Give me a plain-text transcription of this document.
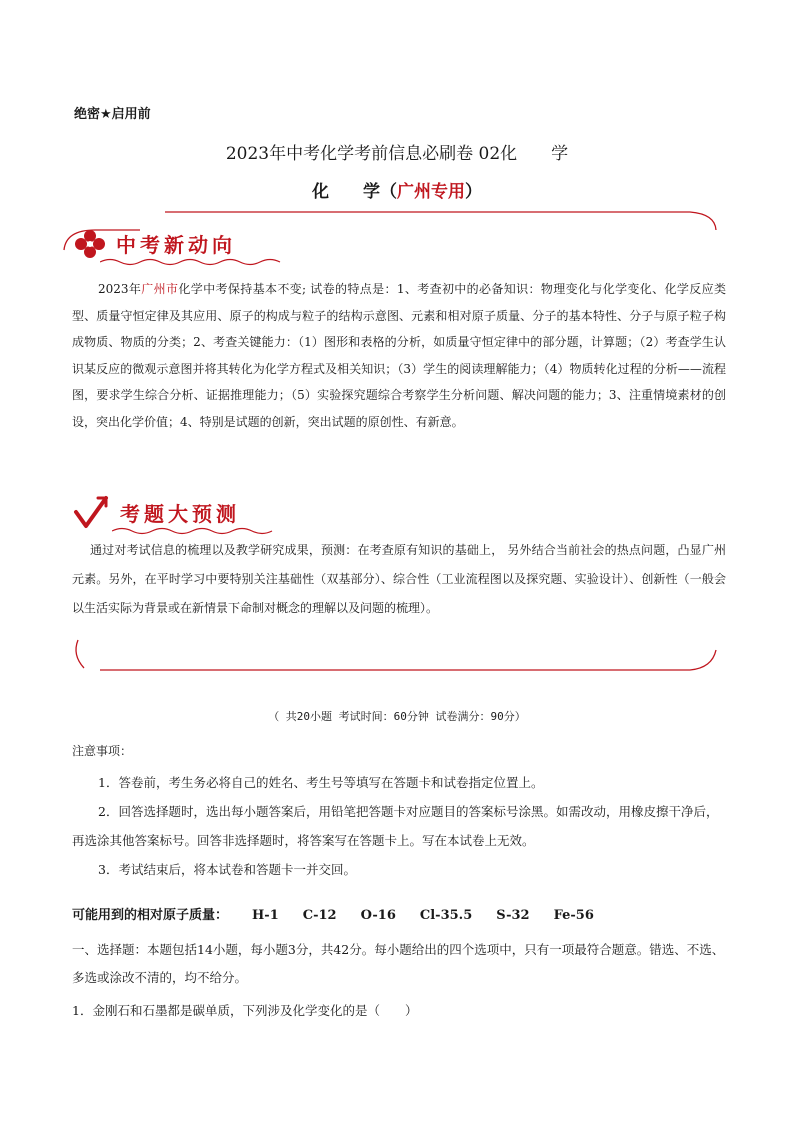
绝密★启用前
2023年中考化学考前信息必刷卷 02化　　学
化　　学（广州专用）
中考新动向
2023年广州市化学中考保持基本不变; 试卷的特点是：1、考查初中的必备知识：物理变化与化学变化、化学反应类型、质量守恒定律及其应用、原子的构成与粒子的结构示意图、元素和相对原子质量、分子的基本特性、分子与原子粒子构成物质、物质的分类；2、考查关键能力：（1）图形和表格的分析，如质量守恒定律中的部分题，计算题；（2）考查学生认识某反应的微观示意图并将其转化为化学方程式及相关知识；（3）学生的阅读理解能力；（4）物质转化过程的分析——流程图，要求学生综合分析、证据推理能力；（5）实验探究题综合考察学生分析问题、解决问题的能力；3、注重情境素材的创设，突出化学价值；4、特别是试题的创新，突出试题的原创性、有新意。
考题大预测
通过对考试信息的梳理以及教学研究成果，预测：在考查原有知识的基础上， 另外结合当前社会的热点问题，凸显广州元素。另外，在平时学习中要特别关注基础性（双基部分）、综合性（工业流程图以及探究题、实验设计）、创新性（一般会以生活实际为背景或在新情景下命制对概念的理解以及问题的梳理）。
（ 共20小题 考试时间：60分钟 试卷满分：90分）
注意事项：

1．答卷前，考生务必将自己的姓名、考生号等填写在答题卡和试卷指定位置上。

2．回答选择题时，选出每小题答案后，用铅笔把答题卡对应题目的答案标号涂黑。如需改动，用橡皮擦干净后，再选涂其他答案标号。回答非选择题时，将答案写在答题卡上。写在本试卷上无效。

3．考试结束后，将本试卷和答题卡一并交回。

可能用到的相对原子质量： H-1 C-12 O-16 Cl-35.5 S-32 Fe-56
一、选择题：本题包括14小题，每小题3分，共42分。每小题给出的四个选项中，只有一项最符合题意。错选、不选、多选或涂改不清的，均不给分。
1．金刚石和石墨都是碳单质，下列涉及化学变化的是（　　）
